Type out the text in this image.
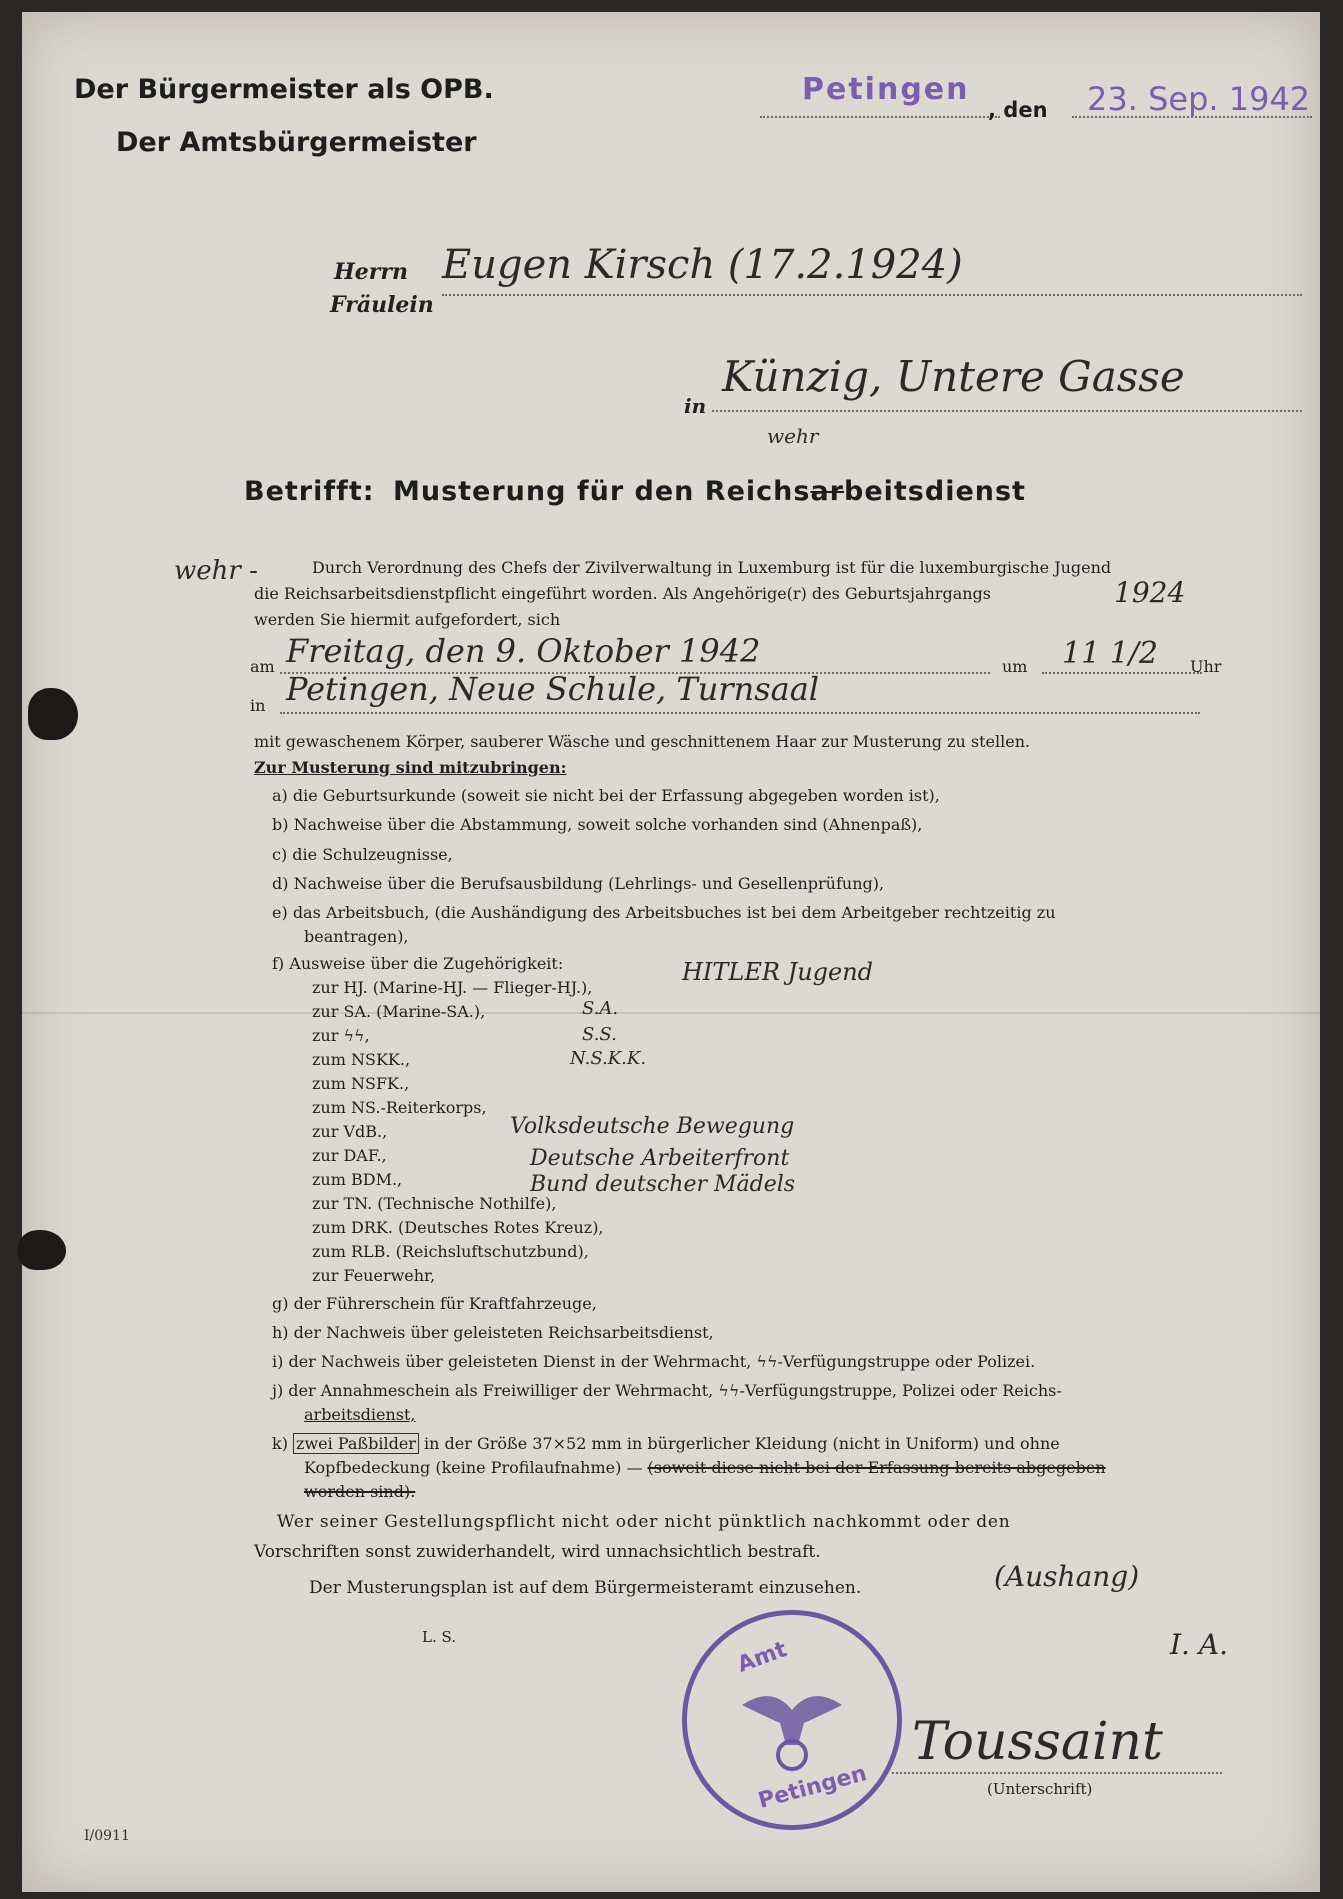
Der Bürgermeister als OPB.
Der Amtsbürgermeister
Petingen
, den 23. Sep. 1942
Herrn
Fräulein
Eugen Kirsch (17.2.1924)
in
Künzig, Untere Gasse
wehr
Betrifft: Musterung für den Reichsarbeitsdienst
wehr -	Durch Verordnung des Chefs der Zivilverwaltung in Luxemburg ist für die luxemburgische Jugend
die Reichsarbeitsdienstpflicht eingeführt worden. Als Angehörige(r) des Geburtsjahrgangs	1924
werden Sie hiermit aufgefordert, sich
am Freitag, den 9. Oktober 1942	um 11 1/2 Uhr
in Petingen, Neue Schule, Turnsaal
mit gewaschenem Körper, sauberer Wäsche und geschnittenem Haar zur Musterung zu stellen.
Zur Musterung sind mitzubringen:
a) die Geburtsurkunde (soweit sie nicht bei der Erfassung abgegeben worden ist),
b) Nachweise über die Abstammung, soweit solche vorhanden sind (Ahnenpaß),
c) die Schulzeugnisse,
d) Nachweise über die Berufsausbildung (Lehrlings- und Gesellenprüfung),
e) das Arbeitsbuch, (die Aushändigung des Arbeitsbuches ist bei dem Arbeitgeber rechtzeitig zu
beantragen),
f) Ausweise über die Zugehörigkeit:
zur HJ. (Marine-HJ. — Flieger-HJ.),
zur SA. (Marine-SA.),
zur ϟϟ,
zum NSKK.,
zum NSFK.,
zum NS.-Reiterkorps,
zur VdB.,
zur DAF.,
zum BDM.,
zur TN. (Technische Nothilfe),
zum DRK. (Deutsches Rotes Kreuz),
zum RLB. (Reichsluftschutzbund),
zur Feuerwehr,
HITLER Jugend
S.A.
S.S.
N.S.K.K.
Volksdeutsche Bewegung
Deutsche Arbeiterfront
Bund deutscher Mädels
g) der Führerschein für Kraftfahrzeuge,
h) der Nachweis über geleisteten Reichsarbeitsdienst,
i) der Nachweis über geleisteten Dienst in der Wehrmacht, ϟϟ-Verfügungstruppe oder Polizei.
j) der Annahmeschein als Freiwilliger der Wehrmacht, ϟϟ-Verfügungstruppe, Polizei oder Reichs-
arbeitsdienst,
k) zwei Paßbilder in der Größe 37×52 mm in bürgerlicher Kleidung (nicht in Uniform) und ohne
Kopfbedeckung (keine Profilaufnahme) — (soweit diese nicht bei der Erfassung bereits abgegeben
worden sind).
Wer seiner Gestellungspflicht nicht oder nicht pünktlich nachkommt oder den
Vorschriften sonst zuwiderhandelt, wird unnachsichtlich bestraft.
Der Musterungsplan ist auf dem Bürgermeisteramt einzusehen.	(Aushang)
L. S.	I. A.
Amt
Petingen
Toussaint
(Unterschrift)
I/0911
